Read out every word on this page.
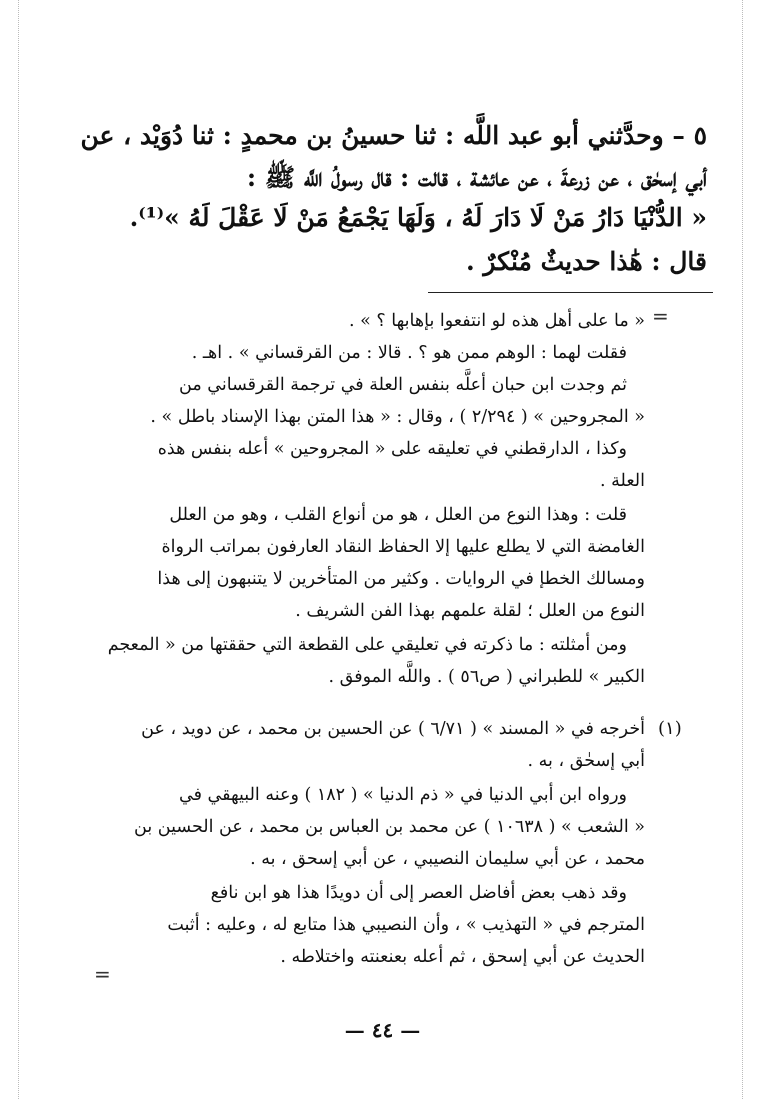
٥ – وحدَّثني أبو عبد اللَّه : ثنا حسينُ بن محمدٍ : ثنا دُوَيْد ، عن
أبي إسحٰق ، عن زرعةَ ، عن عائشة ، قالت : قال رسولُ اللَّه ﷺ :
« الدُّنْيَا دَارُ مَنْ لَا دَارَ لَهُ ، وَلَهَا يَجْمَعُ مَنْ لَا عَقْلَ لَهُ »⁽¹⁾.
قال : هَٰذا حديثٌ مُنْكرٌ .
=
« ما على أهل هذه لو انتفعوا بإهابها ؟ » .
فقلت لهما : الوهم ممن هو ؟ . قالا : من القرقساني » . اهـ .
ثم وجدت ابن حبان أعلَّه بنفس العلة في ترجمة القرقساني من
« المجروحين » ( ٢/٢٩٤ ) ، وقال : « هذا المتن بهذا الإسناد باطل » .
وكذا ، الدارقطني في تعليقه على « المجروحين » أعله بنفس هذه
العلة .
قلت : وهذا النوع من العلل ، هو من أنواع القلب ، وهو من العلل
الغامضة التي لا يطلع عليها إلا الحفاظ النقاد العارفون بمراتب الرواة
ومسالك الخطإ في الروايات . وكثير من المتأخرين لا يتنبهون إلى هذا
النوع من العلل ؛ لقلة علمهم بهذا الفن الشريف .
ومن أمثلته : ما ذكرته في تعليقي على القطعة التي حققتها من « المعجم
الكبير » للطبراني ( ص٥٦ ) . واللَّه الموفق .
(١)
أخرجه في « المسند » ( ٦/٧١ ) عن الحسين بن محمد ، عن دويد ، عن
أبي إسحٰق ، به .
ورواه ابن أبي الدنيا في « ذم الدنيا » ( ١٨٢ ) وعنه البيهقي في
« الشعب » ( ١٠٦٣٨ ) عن محمد بن العباس بن محمد ، عن الحسين بن
محمد ، عن أبي سليمان النصيبي ، عن أبي إسحق ، به .
وقد ذهب بعض أفاضل العصر إلى أن دويدًا هذا هو ابن نافع
المترجم في « التهذيب » ، وأن النصيبي هذا متابع له ، وعليه : أثبت
الحديث عن أبي إسحق ، ثم أعله بعنعنته واختلاطه .
=
— ٤٤ —
